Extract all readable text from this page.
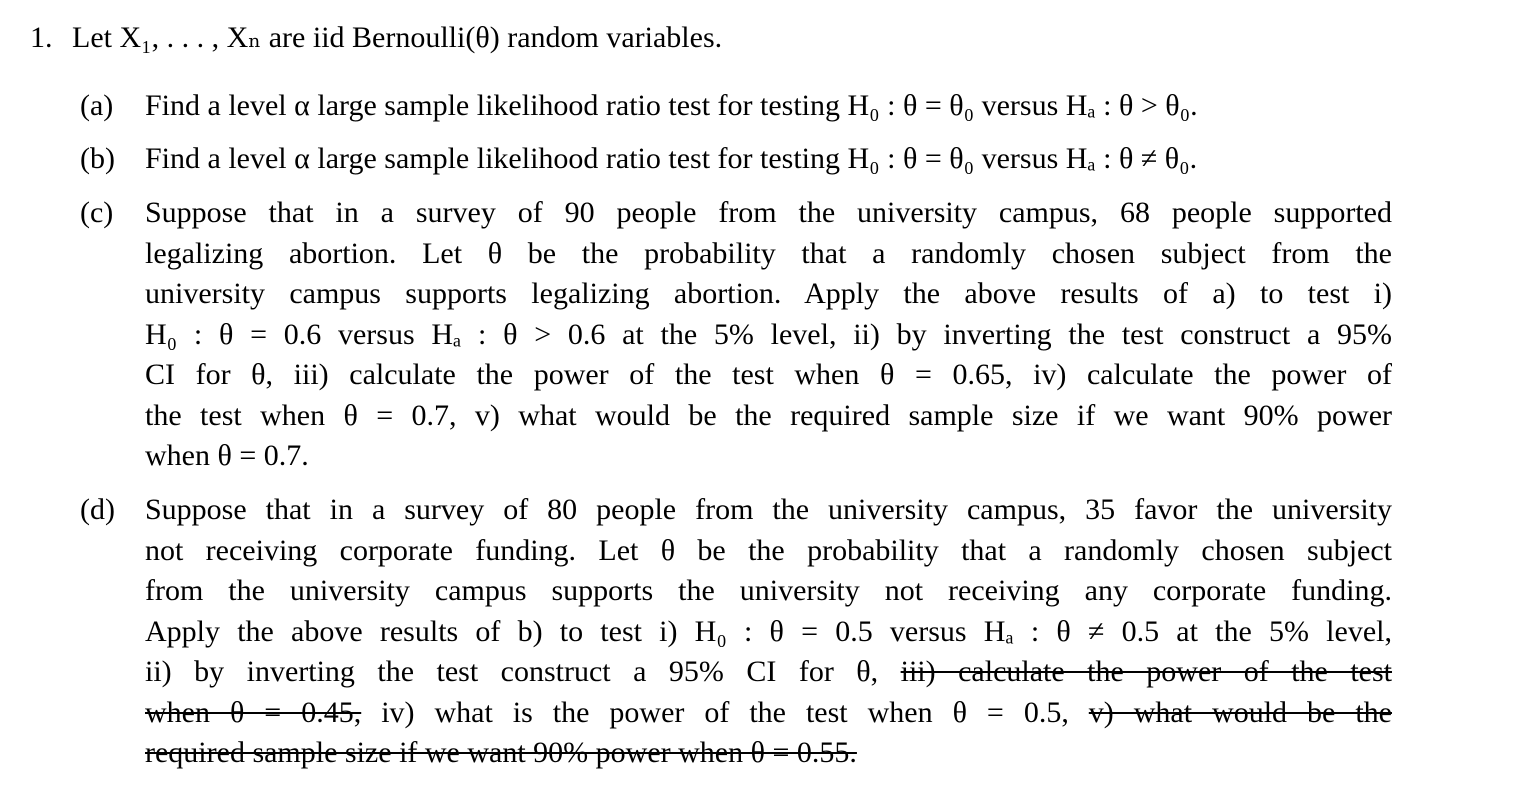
1. Let X₁, . . . , Xₙ are iid Bernoulli(θ) random variables.
(a)	Find a level α large sample likelihood ratio test for testing H₀ : θ = θ₀ versus Hₐ : θ > θ₀.
(b)	Find a level α large sample likelihood ratio test for testing H₀ : θ = θ₀ versus Hₐ : θ ≠ θ₀.
(c)	Suppose that in a survey of 90 people from the university campus, 68 people supported
legalizing abortion. Let θ be the probability that a randomly chosen subject from the
university campus supports legalizing abortion. Apply the above results of a) to test i)
H₀ : θ = 0.6 versus Hₐ : θ > 0.6 at the 5% level, ii) by inverting the test construct a 95%
CI for θ, iii) calculate the power of the test when θ = 0.65, iv) calculate the power of
the test when θ = 0.7, v) what would be the required sample size if we want 90% power
when θ = 0.7.
(d)	Suppose that in a survey of 80 people from the university campus, 35 favor the university
not receiving corporate funding. Let θ be the probability that a randomly chosen subject
from the university campus supports the university not receiving any corporate funding.
Apply the above results of b) to test i) H₀ : θ = 0.5 versus Hₐ : θ ≠ 0.5 at the 5% level,
ii) by inverting the test construct a 95% CI for θ, iii) calculate the power of the test
when θ = 0.45, iv) what is the power of the test when θ = 0.5, v) what would be the
required sample size if we want 90% power when θ = 0.55.
